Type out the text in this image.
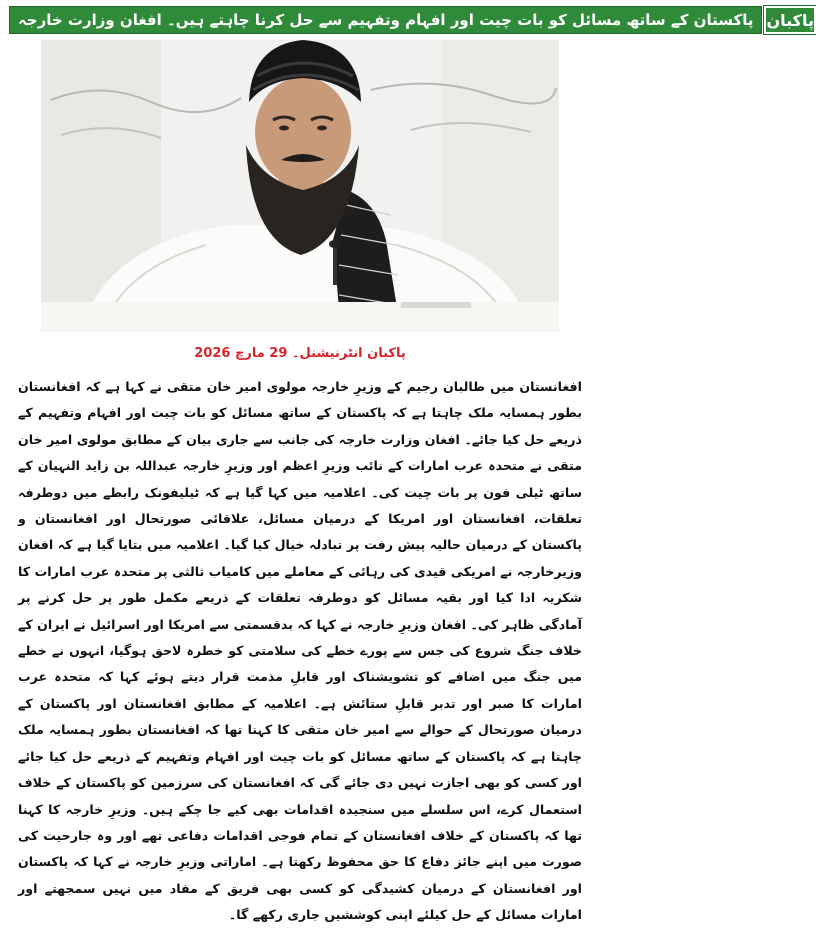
پاکستان کے ساتھ مسائل کو بات چیت اور افہام وتفہیم سے حل کرنا چاہتے ہیں۔ افغان وزارت خارجہ پاکبان
پاکبان انٹرنیشنل۔ 29 مارچ 2026

افغانستان میں طالبان رجیم کے وزیرِ خارجہ مولوی امیر خان متقی نے کہا ہے کہ افغانستان بطور ہمسایہ ملک چاہتا ہے کہ پاکستان کے ساتھ مسائل کو بات چیت اور افہام وتفہیم کے ذریعے حل کیا جائے۔ افغان وزارت خارجہ کی جانب سے جاری بیان کے مطابق مولوی امیر خان متقی نے متحدہ عرب امارات کے نائب وزیرِ اعظم اور وزیرِ خارجہ عبداللہ بن زاید النہیان کے ساتھ ٹیلی فون پر بات چیت کی۔ اعلامیہ میں کہا گیا ہے کہ ٹیلیفونک رابطے میں دوطرفہ تعلقات، افغانستان اور امریکا کے درمیان مسائل، علاقائی صورتحال اور افغانستان و پاکستان کے درمیان حالیہ پیش رفت پر تبادلہ خیال کیا گیا۔ اعلامیہ میں بتایا گیا ہے کہ افغان وزیرخارجہ نے امریکی قیدی کی رہائی کے معاملے میں کامیاب ثالثی پر متحدہ عرب امارات کا شکریہ ادا کیا اور بقیہ مسائل کو دوطرفہ تعلقات کے ذریعے مکمل طور پر حل کرنے پر آمادگی ظاہر کی۔ افغان وزیرِ خارجہ نے کہا کہ بدقسمتی سے امریکا اور اسرائیل نے ایران کے خلاف جنگ شروع کی جس سے پورے خطے کی سلامتی کو خطرہ لاحق ہوگیا، انہوں نے خطے میں جنگ میں اضافے کو تشویشناک اور قابلِ مذمت قرار دیتے ہوئے کہا کہ متحدہ عرب امارات کا صبر اور تدبر قابلِ ستائش ہے۔ اعلامیہ کے مطابق افغانستان اور پاکستان کے درمیان صورتحال کے حوالے سے امیر خان متقی کا کہنا تھا کہ افغانستان بطور ہمسایہ ملک چاہتا ہے کہ پاکستان کے ساتھ مسائل کو بات چیت اور افہام وتفہیم کے ذریعے حل کیا جائے اور کسی کو بھی اجازت نہیں دی جائے گی کہ افغانستان کی سرزمین کو پاکستان کے خلاف استعمال کرے، اس سلسلے میں سنجیدہ اقدامات بھی کیے جا چکے ہیں۔ وزیرِ خارجہ کا کہنا تھا کہ پاکستان کے خلاف افغانستان کے تمام فوجی اقدامات دفاعی تھے اور وہ جارحیت کی صورت میں اپنے جائز دفاع کا حق محفوظ رکھتا ہے۔ اماراتی وزیرِ خارجہ نے کہا کہ پاکستان اور افغانستان کے درمیان کشیدگی کو کسی بھی فریق کے مفاد میں نہیں سمجھتے اور امارات مسائل کے حل کیلئے اپنی کوششیں جاری رکھے گا۔
